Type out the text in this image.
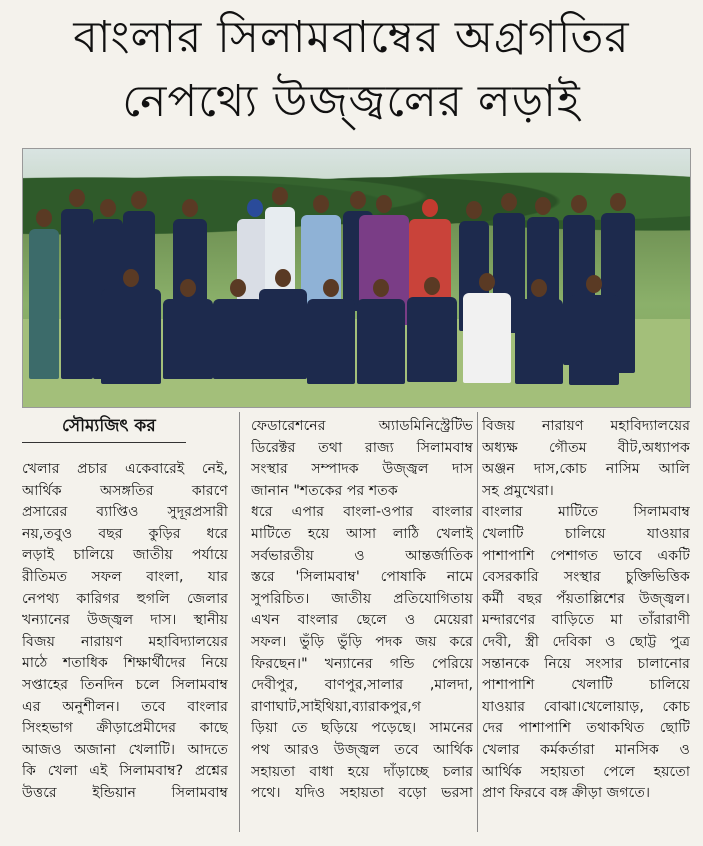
বাংলার সিলামবাম্বের অগ্রগতির
নেপথ্যে উজ্জ্বলের লড়াই
সৌম্যজিৎ কর
খেলার প্রচার একেবারেই নেই,
আর্থিক অসঙ্গতির কারণে
প্রসারের ব্যাপ্তিও সুদূরপ্রসারী
নয়,তবুও বছর কুড়ির ধরে
লড়াই চালিয়ে জাতীয় পর্যায়ে
রীতিমত সফল বাংলা, যার
নেপথ্য কারিগর হুগলি জেলার
খন্যানের উজ্জ্বল দাস। স্থানীয়
বিজয় নারায়ণ মহাবিদ্যালয়ের
মাঠে শতাধিক শিক্ষার্থীদের নিয়ে
সপ্তাহের তিনদিন চলে সিলামবাম্ব
এর অনুশীলন। তবে বাংলার
সিংহভাগ ক্রীড়াপ্রেমীদের কাছে
আজও অজানা খেলাটি। আদতে
কি খেলা এই সিলামবাম্ব? প্রশ্নের
উত্তরে ইন্ডিয়ান সিলামবাম্ব
ফেডারেশনের অ্যাডমিনিস্ট্রেটিভ
ডিরেক্টর তথা রাজ্য সিলামবাম্ব
সংস্থার সম্পাদক উজ্জ্বল দাস
জানান "শতকের পর শতক
ধরে এপার বাংলা-ওপার বাংলার
মাটিতে হয়ে আসা লাঠি খেলাই
সর্বভারতীয় ও আন্তর্জাতিক
স্তরে 'সিলামবাম্ব' পোষাকি নামে
সুপরিচিত। জাতীয় প্রতিযোগিতায়
এখন বাংলার ছেলে ও মেয়েরা
সফল। ভুঁড়ি ভুঁড়ি পদক জয় করে
ফিরছেন।" খন্যানের গন্ডি পেরিয়ে
দেবীপুর, বাণপুর,সালার ,মালদা,
রাণাঘাট,সাইথিয়া,ব্যারাকপুর,গ
ড়িয়া তে ছড়িয়ে পড়েছে। সামনের
পথ আরও উজ্জ্বল তবে আর্থিক
সহায়তা বাধা হয়ে দাঁড়াচ্ছে চলার
পথে। যদিও সহায়তা বড়ো ভরসা
বিজয় নারায়ণ মহাবিদ্যালয়ের
অধ্যক্ষ গৌতম বীট,অধ্যাপক
অঞ্জন দাস,কোচ নাসিম আলি
সহ প্রমুখেরা।
বাংলার মাটিতে সিলামবাম্ব
খেলাটি চালিয়ে যাওয়ার
পাশাপাশি পেশাগত ভাবে একটি
বেসরকারি সংস্থার চুক্তিভিত্তিক
কর্মী বছর পঁয়তাল্লিশের উজ্জ্বল।
মন্দারণের বাড়িতে মা তাঁরারাণী
দেবী, স্ত্রী দেবিকা ও ছোট্ট পুত্র
সন্তানকে নিয়ে সংসার চালানোর
পাশাপাশি খেলাটি চালিয়ে
যাওয়ার বোঝা।খেলোয়াড়, কোচ
দের পাশাপাশি তথাকথিত ছোটি
খেলার কর্মকর্তারা মানসিক ও
আর্থিক সহায়তা পেলে হয়তো
প্রাণ ফিরবে বঙ্গ ক্রীড়া জগতে।
